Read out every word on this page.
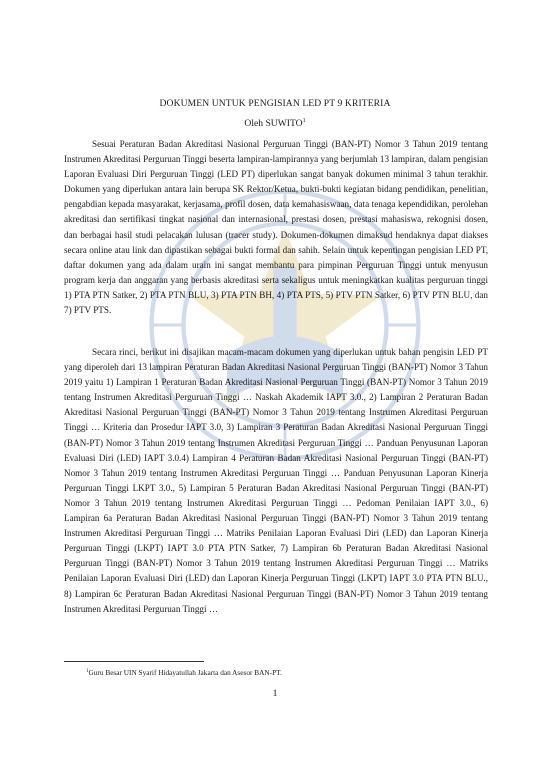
DOKUMEN UNTUK PENGISIAN LED PT 9 KRITERIA
Oleh SUWITO$^1$

Sesuai Peraturan Badan Akreditasi Nasional Perguruan Tinggi (BAN-PT) Nomor 3 Tahun 2019 tentang Instrumen Akreditasi Perguruan Tinggi beserta lampiran-lampirannya yang berjumlah 13 lampiran, dalam pengisian Laporan Evaluasi Diri Perguruan Tinggi (LED PT) diperlukan sangat banyak dokumen minimal 3 tahun terakhir. Dokumen yang diperlukan antara lain berupa SK Rektor/Ketua, bukti-bukti kegiatan bidang pendidikan, penelitian, pengabdian kepada masyarakat, kerjasama, profil dosen, data kemahasiswaan, data tenaga kependidikan, perolehan akreditasi dan sertifikasi tingkat nasional dan internasional, prestasi dosen, prestasi mahasiswa, rekognisi dosen, dan berbagai hasil studi pelacakan lulusan (tracer study). Dokumen-dokumen dimaksud hendaknya dapat diakses secara online atau link dan dipastikan sebagai bukti formal dan sahih. Selain untuk kepentingan pengisian LED PT, daftar dokumen yang ada dalam urain ini sangat membantu para pimpinan Perguruan Tinggi untuk menyusun program kerja dan anggaran yang berbasis akreditasi serta sekaligus untuk meningkatkan kualitas perguruan tinggi 1) PTA PTN Satker, 2) PTA PTN BLU, 3) PTA PTN BH, 4) PTA PTS, 5) PTV PTN Satker, 6) PTV PTN BLU, dan 7) PTV PTS.

Secara rinci, berikut ini disajikan macam-macam dokumen yang diperlukan untuk bahan pengisin LED PT yang diperoleh dari 13 lampiran Peraturan Badan Akreditasi Nasional Perguruan Tinggi (BAN-PT) Nomor 3 Tahun 2019 yaitu 1) Lampiran 1 Peraturan Badan Akreditasi Nasional Perguruan Tinggi (BAN-PT) Nomor 3 Tahun 2019 tentang Instrumen Akreditasi Perguruan Tinggi … Naskah Akademik IAPT 3.0., 2) Lampiran 2 Peraturan Badan Akreditasi Nasional Perguruan Tinggi (BAN-PT) Nomor 3 Tahun 2019 tentang Instrumen Akreditasi Perguruan Tinggi … Kriteria dan Prosedur IAPT 3.0, 3) Lampiran 3 Peraturan Badan Akreditasi Nasional Perguruan Tinggi (BAN-PT) Nomor 3 Tahun 2019 tentang Instrumen Akreditasi Perguruan Tinggi … Panduan Penyusunan Laporan Evaluasi Diri (LED) IAPT 3.0.4) Lampiran 4 Peraturan Badan Akreditasi Nasional Perguruan Tinggi (BAN-PT) Nomor 3 Tahun 2019 tentang Instrumen Akreditasi Perguruan Tinggi … Panduan Penyusunan Laporan Kinerja Perguruan Tinggi LKPT 3.0., 5) Lampiran 5 Peraturan Badan Akreditasi Nasional Perguruan Tinggi (BAN-PT) Nomor 3 Tahun 2019 tentang Instrumen Akreditasi Perguruan Tinggi … Pedoman Penilaian IAPT 3.0., 6) Lampiran 6a Peraturan Badan Akreditasi Nasional Perguruan Tinggi (BAN-PT) Nomor 3 Tahun 2019 tentang Instrumen Akreditasi Perguruan Tinggi … Matriks Penilaian Laporan Evaluasi Diri (LED) dan Laporan Kinerja Perguruan Tinggi (LKPT) IAPT 3.0 PTA PTN Satker, 7) Lampiran 6b Peraturan Badan Akreditasi Nasional Perguruan Tinggi (BAN-PT) Nomor 3 Tahun 2019 tentang Instrumen Akreditasi Perguruan Tinggi … Matriks Penilaian Laporan Evaluasi Diri (LED) dan Laporan Kinerja Perguruan Tinggi (LKPT) IAPT 3.0 PTA PTN BLU., 8) Lampiran 6c Peraturan Badan Akreditasi Nasional Perguruan Tinggi (BAN-PT) Nomor 3 Tahun 2019 tentang Instrumen Akreditasi Perguruan Tinggi …

$^1$Guru Besar UIN Syarif Hidayatullah Jakarta dan Asesor BAN-PT.
1
